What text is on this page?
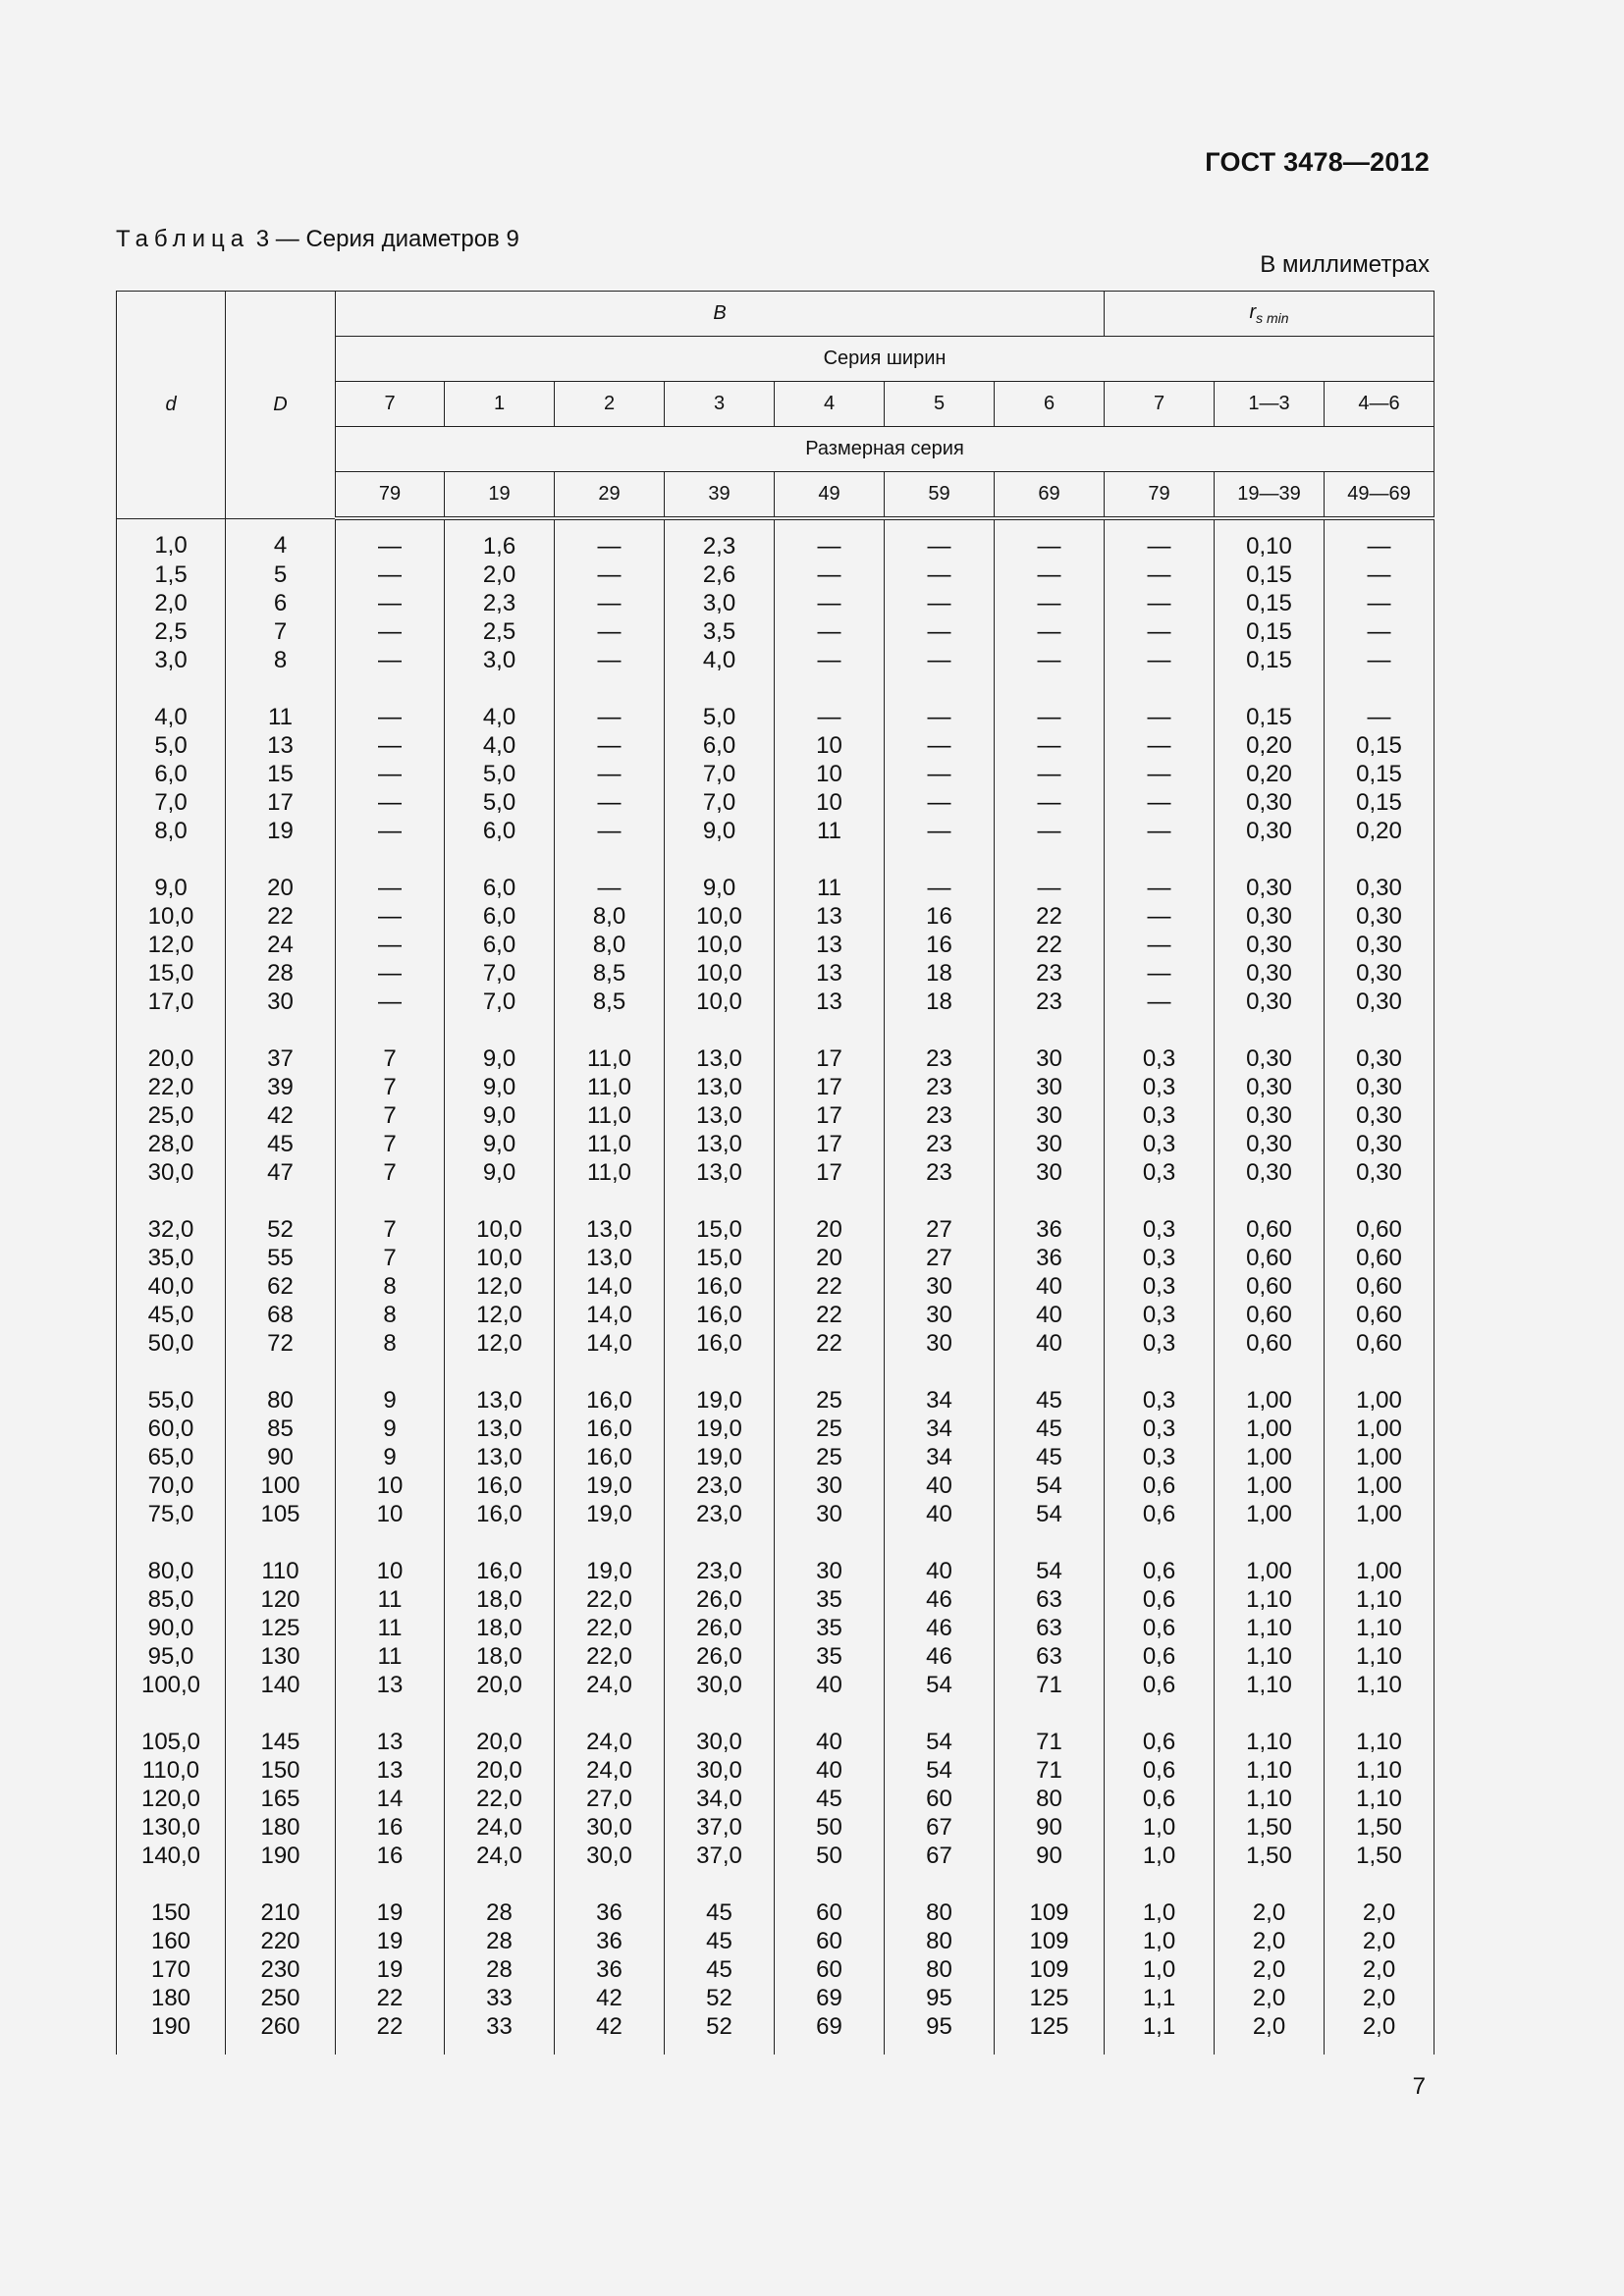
ГОСТ 3478—2012
Таблица 3 — Серия диаметров 9
В миллиметрах
d	D	B							$r_{s min}$
		Серия ширин									
		7	1	2	3	4	5	6	7	1—3	4—6
		Размерная серия									
		79	19	29	39	49	59	69	79	19—39	49—69
1,0	4	—	1,6	—	2,3	—	—	—	—	0,10	—
1,5	5	—	2,0	—	2,6	—	—	—	—	0,15	—
2,0	6	—	2,3	—	3,0	—	—	—	—	0,15	—
2,5	7	—	2,5	—	3,5	—	—	—	—	0,15	—
3,0	8	—	3,0	—	4,0	—	—	—	—	0,15	—
4,0	11	—	4,0	—	5,0	—	—	—	—	0,15	—
5,0	13	—	4,0	—	6,0	10	—	—	—	0,20	0,15
6,0	15	—	5,0	—	7,0	10	—	—	—	0,20	0,15
7,0	17	—	5,0	—	7,0	10	—	—	—	0,30	0,15
8,0	19	—	6,0	—	9,0	11	—	—	—	0,30	0,20
9,0	20	—	6,0	—	9,0	11	—	—	—	0,30	0,30
10,0	22	—	6,0	8,0	10,0	13	16	22	—	0,30	0,30
12,0	24	—	6,0	8,0	10,0	13	16	22	—	0,30	0,30
15,0	28	—	7,0	8,5	10,0	13	18	23	—	0,30	0,30
17,0	30	—	7,0	8,5	10,0	13	18	23	—	0,30	0,30
20,0	37	7	9,0	11,0	13,0	17	23	30	0,3	0,30	0,30
22,0	39	7	9,0	11,0	13,0	17	23	30	0,3	0,30	0,30
25,0	42	7	9,0	11,0	13,0	17	23	30	0,3	0,30	0,30
28,0	45	7	9,0	11,0	13,0	17	23	30	0,3	0,30	0,30
30,0	47	7	9,0	11,0	13,0	17	23	30	0,3	0,30	0,30
32,0	52	7	10,0	13,0	15,0	20	27	36	0,3	0,60	0,60
35,0	55	7	10,0	13,0	15,0	20	27	36	0,3	0,60	0,60
40,0	62	8	12,0	14,0	16,0	22	30	40	0,3	0,60	0,60
45,0	68	8	12,0	14,0	16,0	22	30	40	0,3	0,60	0,60
50,0	72	8	12,0	14,0	16,0	22	30	40	0,3	0,60	0,60
55,0	80	9	13,0	16,0	19,0	25	34	45	0,3	1,00	1,00
60,0	85	9	13,0	16,0	19,0	25	34	45	0,3	1,00	1,00
65,0	90	9	13,0	16,0	19,0	25	34	45	0,3	1,00	1,00
70,0	100	10	16,0	19,0	23,0	30	40	54	0,6	1,00	1,00
75,0	105	10	16,0	19,0	23,0	30	40	54	0,6	1,00	1,00
80,0	110	10	16,0	19,0	23,0	30	40	54	0,6	1,00	1,00
85,0	120	11	18,0	22,0	26,0	35	46	63	0,6	1,10	1,10
90,0	125	11	18,0	22,0	26,0	35	46	63	0,6	1,10	1,10
95,0	130	11	18,0	22,0	26,0	35	46	63	0,6	1,10	1,10
100,0	140	13	20,0	24,0	30,0	40	54	71	0,6	1,10	1,10
105,0	145	13	20,0	24,0	30,0	40	54	71	0,6	1,10	1,10
110,0	150	13	20,0	24,0	30,0	40	54	71	0,6	1,10	1,10
120,0	165	14	22,0	27,0	34,0	45	60	80	0,6	1,10	1,10
130,0	180	16	24,0	30,0	37,0	50	67	90	1,0	1,50	1,50
140,0	190	16	24,0	30,0	37,0	50	67	90	1,0	1,50	1,50
150	210	19	28	36	45	60	80	109	1,0	2,0	2,0
160	220	19	28	36	45	60	80	109	1,0	2,0	2,0
170	230	19	28	36	45	60	80	109	1,0	2,0	2,0
180	250	22	33	42	52	69	95	125	1,1	2,0	2,0
190	260	22	33	42	52	69	95	125	1,1	2,0	2,0
7
